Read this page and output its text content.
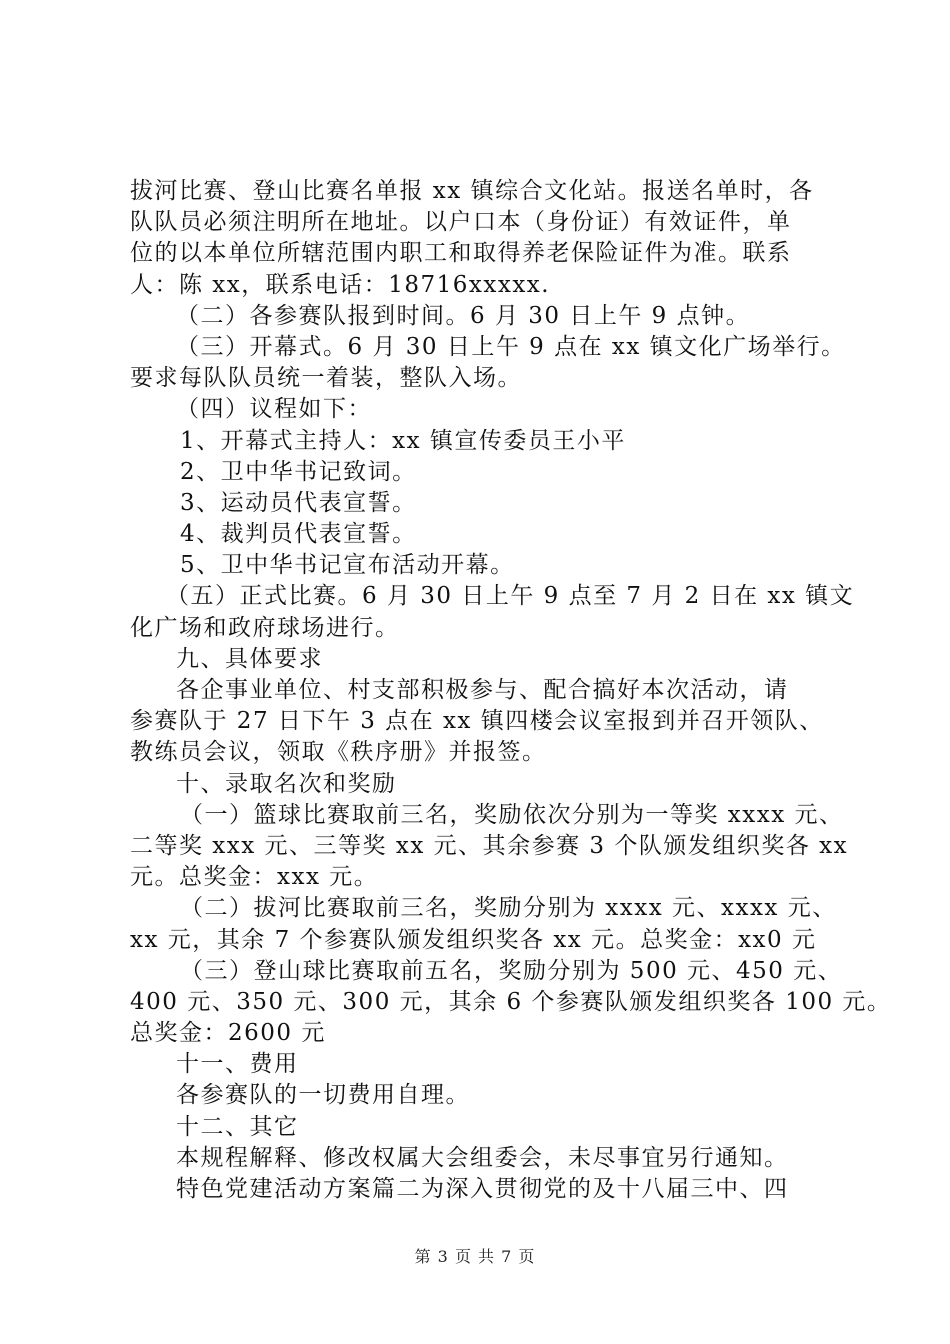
拔河比赛、登山比赛名单报 xx 镇综合文化站。报送名单时，各
队队员必须注明所在地址。以户口本（身份证）有效证件，单
位的以本单位所辖范围内职工和取得养老保险证件为准。联系
人：陈 xx，联系电话：18716xxxxx.
（二）各参赛队报到时间。6 月 30 日上午 9 点钟。
（三）开幕式。6 月 30 日上午 9 点在 xx 镇文化广场举行。
要求每队队员统一着装，整队入场。
（四）议程如下：
1、开幕式主持人：xx 镇宣传委员王小平
2、卫中华书记致词。
3、运动员代表宣誓。
4、裁判员代表宣誓。
5、卫中华书记宣布活动开幕。
（五）正式比赛。6 月 30 日上午 9 点至 7 月 2 日在 xx 镇文
化广场和政府球场进行。
九、具体要求
各企事业单位、村支部积极参与、配合搞好本次活动，请
参赛队于 27 日下午 3 点在 xx 镇四楼会议室报到并召开领队、
教练员会议，领取《秩序册》并报签。
十、录取名次和奖励
（一）篮球比赛取前三名，奖励依次分别为一等奖 xxxx 元、
二等奖 xxx 元、三等奖 xx 元、其余参赛 3 个队颁发组织奖各 xx
元。总奖金：xxx 元。
（二）拔河比赛取前三名，奖励分别为 xxxx 元、xxxx 元、
xx 元，其余 7 个参赛队颁发组织奖各 xx 元。总奖金：xx0 元
（三）登山球比赛取前五名，奖励分别为 500 元、450 元、
400 元、350 元、300 元，其余 6 个参赛队颁发组织奖各 100 元。
总奖金：2600 元
十一、费用
各参赛队的一切费用自理。
十二、其它
本规程解释、修改权属大会组委会，未尽事宜另行通知。
特色党建活动方案篇二为深入贯彻党的及十八届三中、四
第 3 页 共 7 页
